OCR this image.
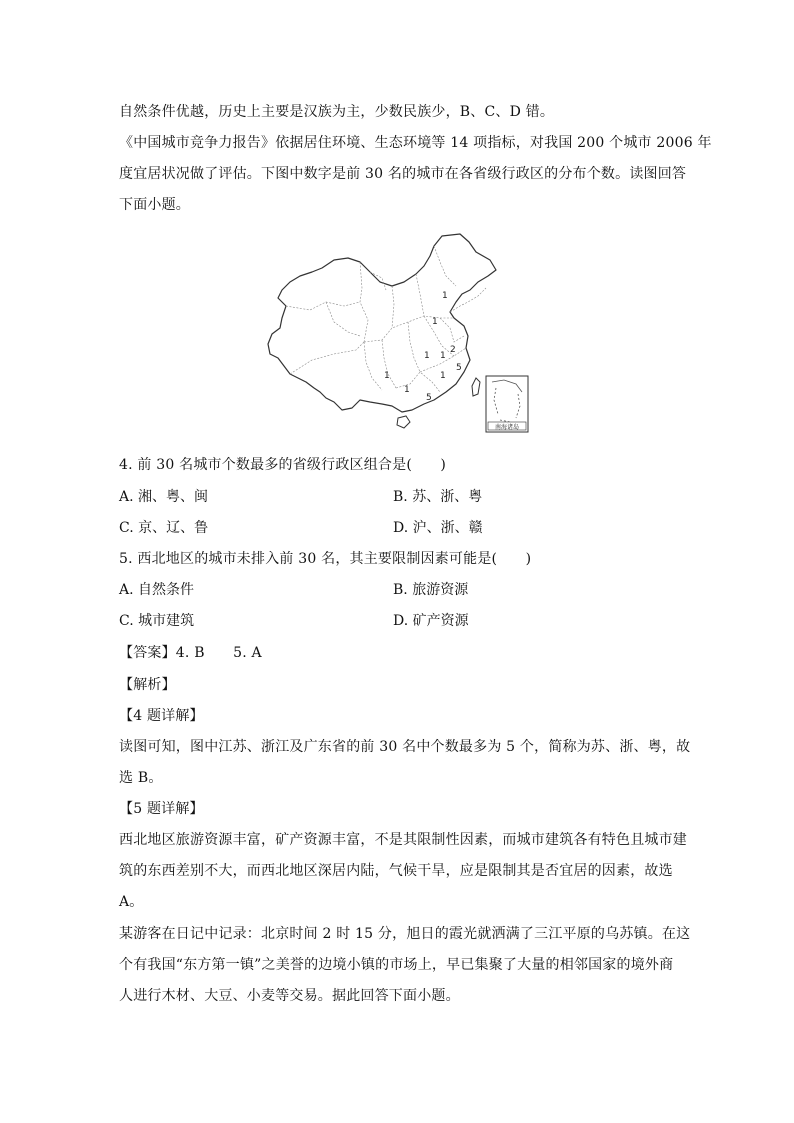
自然条件优越，历史上主要是汉族为主，少数民族少，B、C、D 错。
《中国城市竞争力报告》依据居住环境、生态环境等 14 项指标，对我国 200 个城市 2006 年
度宜居状况做了评估。下图中数字是前 30 名的城市在各省级行政区的分布个数。读图回答
下面小题。
1
1
2
1
1
5
1
5
1
1
南海诸岛
4. 前 30 名城市个数最多的省级行政区组合是(　　)
A. 湘、粤、闽	B. 苏、浙、粤
C. 京、辽、鲁	D. 沪、浙、赣
5. 西北地区的城市未排入前 30 名，其主要限制因素可能是(　　)
A. 自然条件	B. 旅游资源
C. 城市建筑	D. 矿产资源
【答案】4. B　　5. A
【解析】
【4 题详解】
读图可知，图中江苏、浙江及广东省的前 30 名中个数最多为 5 个，简称为苏、浙、粤，故
选 B。
【5 题详解】
西北地区旅游资源丰富，矿产资源丰富，不是其限制性因素，而城市建筑各有特色且城市建
筑的东西差别不大，而西北地区深居内陆，气候干旱，应是限制其是否宜居的因素，故选
A。
某游客在日记中记录：北京时间 2 时 15 分，旭日的霞光就洒满了三江平原的乌苏镇。在这
个有我国“东方第一镇”之美誉的边境小镇的市场上，早已集聚了大量的相邻国家的境外商
人进行木材、大豆、小麦等交易。据此回答下面小题。
